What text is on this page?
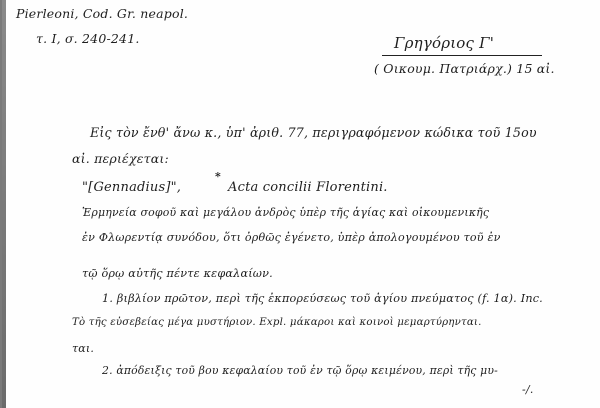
Pierleoni, Cod. Gr. neapol.
τ. I, σ. 240-241.	Γρηγόριος Γ'
( Οικουμ. Πατριάρχ.) 15 αἰ.
Εἰς τὸν ἔνθ' ἄνω κ., ὑπ' ἀριθ. 77, περιγραφόμενον κώδικα τοῦ 15ου
αἰ. περιέχεται:
"[Gennadius]",
*
Acta concilii Florentini.
Ἑρμηνεία σοφοῦ καὶ μεγάλου ἀνδρὸς ὑπὲρ τῆς ἁγίας καὶ οἰκουμενικῆς
ἐν Φλωρεντίᾳ συνόδου, ὅτι ὀρθῶς ἐγένετο, ὑπὲρ ἀπολογουμένου τοῦ ἐν
τῷ ὅρῳ αὐτῆς πέντε κεφαλαίων.
1. βιβλίον πρῶτον, περὶ τῆς ἐκπορεύσεως τοῦ ἁγίου πνεύματος (f. 1α). Inc.
Τὸ τῆς εὐσεβείας μέγα μυστήριον. Expl. μάκαροι καὶ κοινοὶ μεμαρτύρηνται.
ται.
2. ἀπόδειξις τοῦ βου κεφαλαίου τοῦ ἐν τῷ ὅρῳ κειμένου, περὶ τῆς μυ-
-/.
